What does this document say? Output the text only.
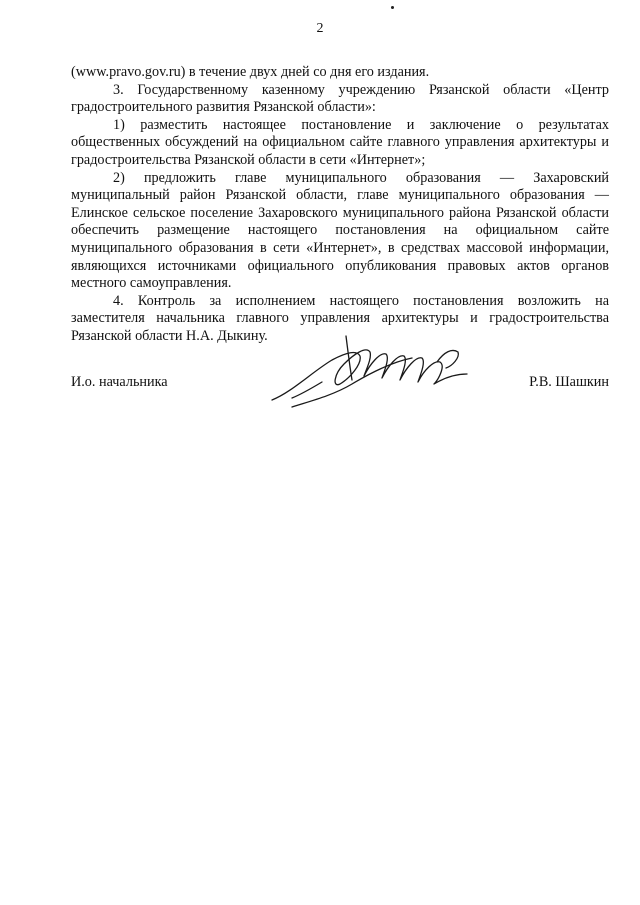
2

(www.pravo.gov.ru) в течение двух дней со дня его издания.

3. Государственному казенному учреждению Рязанской области «Центр градостроительного развития Рязанской области»:

1) разместить настоящее постановление и заключение о результатах общественных обсуждений на официальном сайте главного управления архитектуры и градостроительства Рязанской области в сети «Интернет»;

2) предложить главе муниципального образования — Захаровский муниципальный район Рязанской области, главе муниципального образования — Елинское сельское поселение Захаровского муниципального района Рязанской области обеспечить размещение настоящего постановления на официальном сайте муниципального образования в сети «Интернет», в средствах массовой информации, являющихся источниками официального опубликования правовых актов органов местного самоуправления.

4. Контроль за исполнением настоящего постановления возложить на заместителя начальника главного управления архитектуры и градостроительства Рязанской области Н.А. Дыкину.

И.о. начальника	Р.В. Шашкин
